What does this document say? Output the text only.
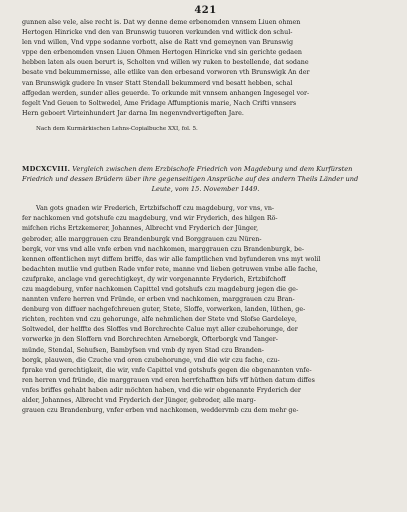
421
gunnen alse vele, alse recht is. Dat wy denne deme erbenomden vnnsem Liuen ohmen
Hertogen Hinricke vnd den van Brunswig tuuoren verkunden vnd witlick don schul-
len vnd willen, Vnd vppe sodanne vorbott, alse de Ratt vnd gemeynen van Brunswig
vppe den erbenomden vnsen Liuen Ohmen Hertogen Hinricke vnd sin gerichte gedaen
hebben laten als ouen berurt is, Scholten vnd willen wy ruken to bestellende, dat sodane
besate vnd bekummernisse, alle etlike van den erbesand vorworen vth Brunswigk An der
van Brunswigk gudere In vnser Statt Stendall bekummerd vnd besatt hebben, schal
affgedan werden, sunder alles geuerde. To orkunde mit vnnsem anhangen Ingesegel vor-
fegelt Vnd Geuen to Soltwedel, Ame Fridage Affumptionis marie, Nach Crifti vnnsers
Hern geboert Virteinhundert Jar darna Im negenvndvertigeften Jare.
Nach dem Kurmärkischen Lehns-Copialbuche XXI, fol. 5.
MDCXCVIII. Vergleich zwischen dem Erzbischofe Friedrich von Magdeburg und dem Kurfürsten
Friedrich und dessen Brüdern über ihre gegenseitigen Ansprüche auf des andern Theils Länder und
Leute, vom 15. November 1449.
Van gots gnaden wir Frederich, Ertzbifschoff czu magdeburg, vor vns, vn-
fer nachkomen vnd gotshufe czu magdeburg, vnd wir Fryderich, des hilgen Rö-
mifchen richs Ertzkemerer, Johannes, Albrecht vnd Fryderich der Jünger,
gebroder, alle marggrauen czu Brandenburgk vnd Borggrauen czu Nüren-
bergk, vor vns vnd alle vnfe erben vnd nachkomen, marggrauen czu Brandenburgk, be-
kennen offentlichen myt diffem briffe, das wir alle famptlichen vnd byfunderen vns myt wolil
bedachten mutlie vnd gutben Rade vnfer rete, manne vnd lieben getruwen vmbe alle fache,
czufprake, anclage vnd gerechtigkeyt, dy wir vorgenannte Fryderich, Ertzbifchoff
czu magdeburg, vnfer nachkomen Capittel vnd gotshufs czu magdeburg jegen die ge-
nannten vnfere herren vnd Fründe, er erben vnd nachkomen, marggrauen czu Bran-
denburg von diffuer nachgefchreuen guter, Stete, Sloffe, vorwerken, landen, lüthen, ge-
richten, rechten vnd czu gehorunge, alfe nehmlichen der Stete vnd Slofse Gardeleye,
Soltwedel, der helffte des Sloffes vnd Borchrechte Calue myt aller czubehorunge, der
vorwerke jn den Sloffern vnd Borchrechten Arneborgk, Ofterborgk vnd Tanger-
münde, Stendal, Sehufsen, Bambyfsen vnd vmb dy nyen Stad czu Branden-
borgk, plauwen, die Czuche vnd oren czubehorunge, vnd die wir czu fache, czu-
fprake vnd gerechtigkeit, die wir, vnfe Capittel vnd gotshufs gegen die obgenannten vnfe-
ren herren vnd fründe, die marggrauen vnd eren herrfchafften bifs vff hüthen datum diffes
vnfes briffes gehabt haben adir möchten haben, vnd die wir obgenannte Fryderich der
alder, Johannes, Albrecht vnd Fryderich der Jünger, gebroder, alle marg-
grauen czu Brandenburg, vnfer erben vnd nachkomen, weddervmb czu dem mehr ge-
